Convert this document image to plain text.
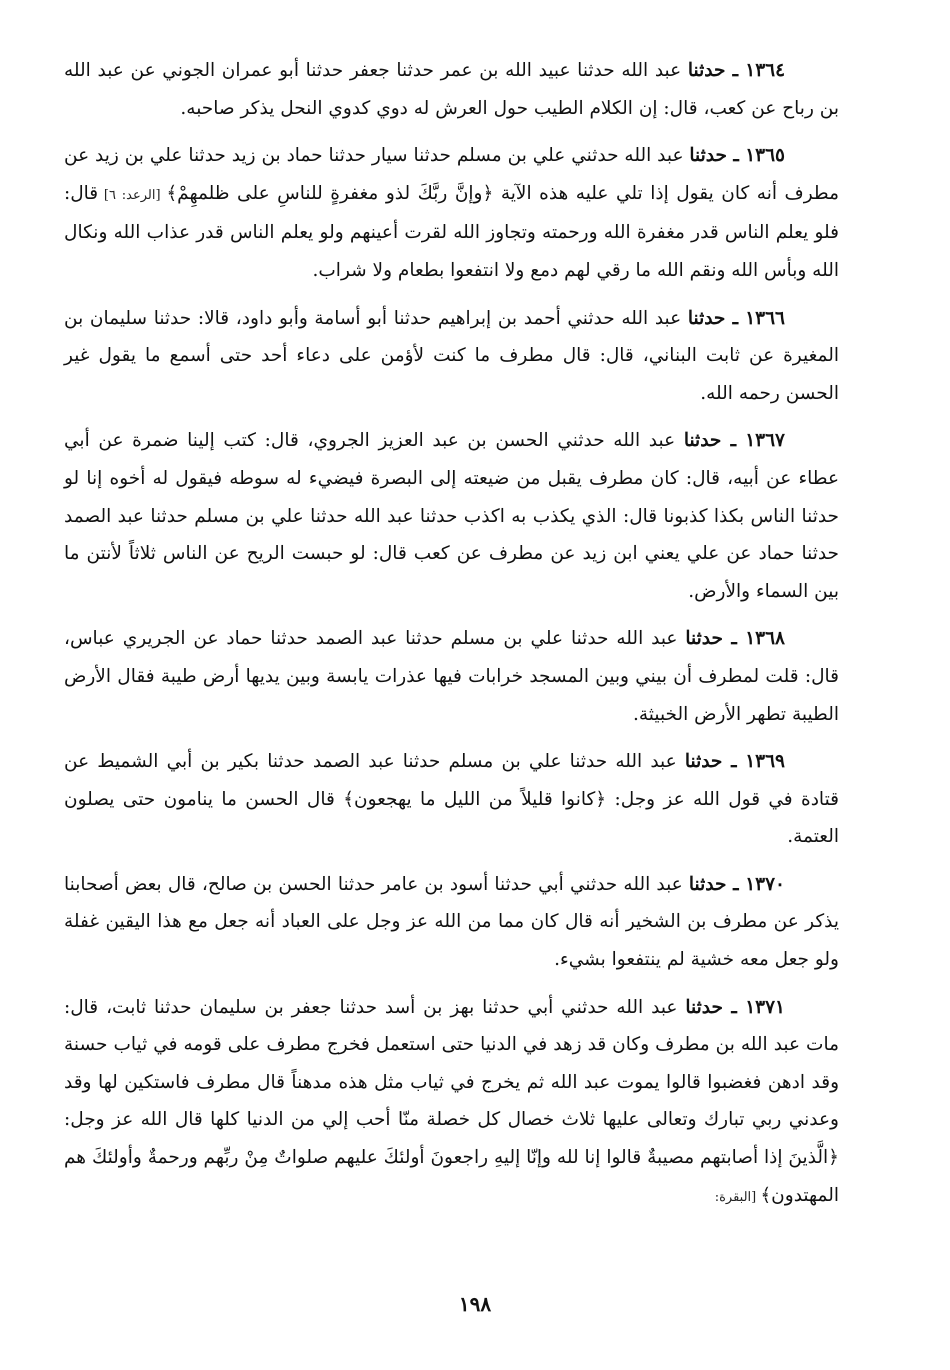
١٣٦٤ ـ حدثنا عبد الله حدثنا عبيد الله بن عمر حدثنا جعفر حدثنا أبو عمران الجوني عن عبد الله بن رباح عن كعب، قال: إن الكلام الطيب حول العرش له دوي كدوي النحل يذكر صاحبه.

١٣٦٥ ـ حدثنا عبد الله حدثني علي بن مسلم حدثنا سيار حدثنا حماد بن زيد حدثنا علي بن زيد عن مطرف أنه كان يقول إذا تلي عليه هذه الآية ﴿وإنَّ ربَّكَ لذو مغفرةٍ للناسِ على ظلمهِمْ﴾ [الرعد: ٦] قال: فلو يعلم الناس قدر مغفرة الله ورحمته وتجاوز الله لقرت أعينهم ولو يعلم الناس قدر عذاب الله ونكال الله وبأس الله ونقم الله ما رقي لهم دمع ولا انتفعوا بطعام ولا شراب.

١٣٦٦ ـ حدثنا عبد الله حدثني أحمد بن إبراهيم حدثنا أبو أسامة وأبو داود، قالا: حدثنا سليمان بن المغيرة عن ثابت البناني، قال: قال مطرف ما كنت لأؤمن على دعاء أحد حتى أسمع ما يقول غير الحسن رحمه الله.

١٣٦٧ ـ حدثنا عبد الله حدثني الحسن بن عبد العزيز الجروي، قال: كتب إلينا ضمرة عن أبي عطاء عن أبيه، قال: كان مطرف يقبل من ضيعته إلى البصرة فيضيء له سوطه فيقول له أخوه إنا لو حدثنا الناس بكذا كذبونا قال: الذي يكذب به اكذب حدثنا عبد الله حدثنا علي بن مسلم حدثنا عبد الصمد حدثنا حماد عن علي يعني ابن زيد عن مطرف عن كعب قال: لو حبست الريح عن الناس ثلاثاً لأنتن ما بين السماء والأرض.

١٣٦٨ ـ حدثنا عبد الله حدثنا علي بن مسلم حدثنا عبد الصمد حدثنا حماد عن الجريري عباس، قال: قلت لمطرف أن بيني وبين المسجد خرابات فيها عذرات يابسة وبين يديها أرض طيبة فقال الأرض الطيبة تطهر الأرض الخبيثة.

١٣٦٩ ـ حدثنا عبد الله حدثنا علي بن مسلم حدثنا عبد الصمد حدثنا بكير بن أبي الشميط عن قتادة في قول الله عز وجل: ﴿كانوا قليلاً من الليل ما يهجعون﴾ قال الحسن ما ينامون حتى يصلون العتمة.

١٣٧٠ ـ حدثنا عبد الله حدثني أبي حدثنا أسود بن عامر حدثنا الحسن بن صالح، قال بعض أصحابنا يذكر عن مطرف بن الشخير أنه قال كان مما من الله عز وجل على العباد أنه جعل مع هذا اليقين غفلة ولو جعل معه خشية لم ينتفعوا بشيء.

١٣٧١ ـ حدثنا عبد الله حدثني أبي حدثنا بهز بن أسد حدثنا جعفر بن سليمان حدثنا ثابت، قال: مات عبد الله بن مطرف وكان قد زهد في الدنيا حتى استعمل فخرج مطرف على قومه في ثياب حسنة وقد ادهن فغضبوا قالوا يموت عبد الله ثم يخرج في ثياب مثل هذه مدهناً قال مطرف فاستكين لها وقد وعدني ربي تبارك وتعالى عليها ثلاث خصال كل خصلة منّا أحب إلي من الدنيا كلها قال الله عز وجل: ﴿الَّذينَ إذا أصابتهم مصيبةٌ قالوا إنا لله وإنّا إليهِ راجعونَ أولئكَ عليهم صلواتٌ مِنْ ربِّهم ورحمةٌ وأولئكَ هم المهتدون﴾ [البقرة:

١٩٨
